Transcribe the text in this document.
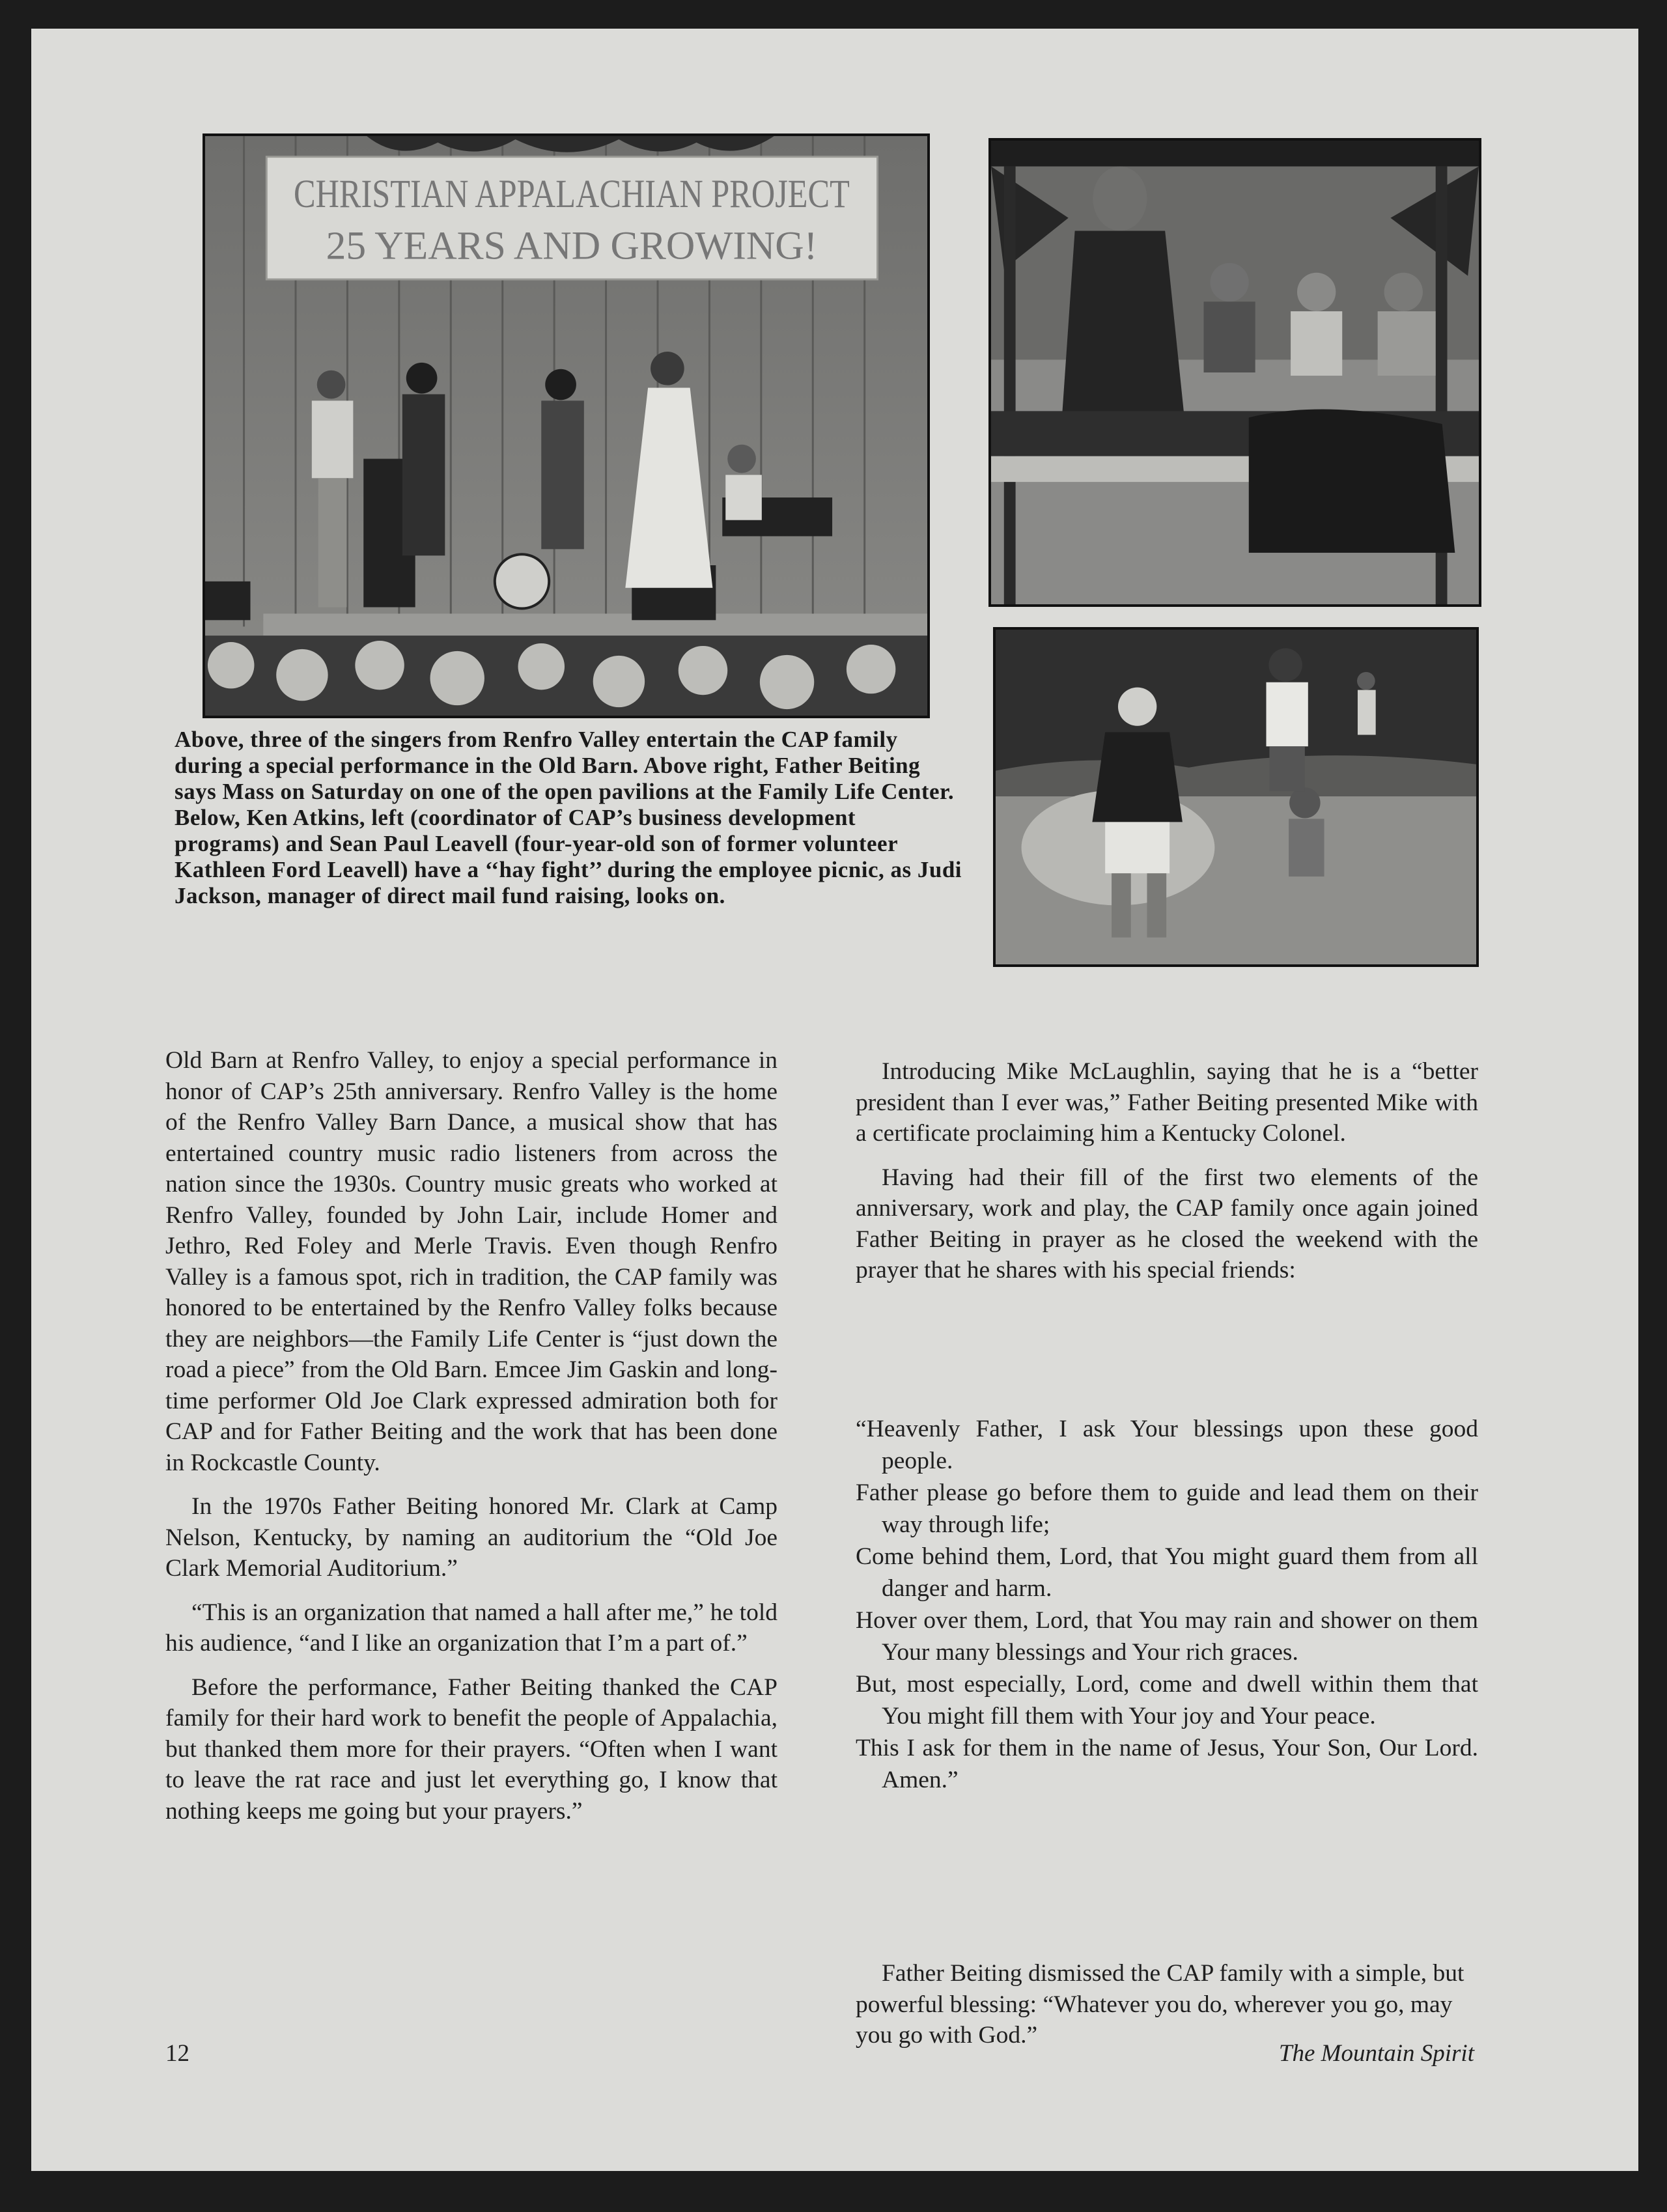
CHRISTIAN APPALACHIAN PROJECT
25 YEARS AND GROWING!

Above, three of the singers from Renfro Valley entertain the CAP family during a special performance in the Old Barn. Above right, Father Beiting says Mass on Saturday on one of the open pavilions at the Family Life Center. Below, Ken Atkins, left (coordinator of CAP’s business development programs) and Sean Paul Leavell (four-year-old son of former volunteer Kathleen Ford Leavell) have a ‘‘hay fight’’ during the employee picnic, as Judi Jackson, manager of direct mail fund raising, looks on.

Old Barn at Renfro Valley, to enjoy a special performance in honor of CAP’s 25th anniversary. Renfro Valley is the home of the Renfro Valley Barn Dance, a musical show that has entertained country music radio listeners from across the nation since the 1930s. Country music greats who worked at Renfro Valley, founded by John Lair, include Homer and Jethro, Red Foley and Merle Travis. Even though Renfro Valley is a famous spot, rich in tradition, the CAP family was honored to be entertained by the Renfro Valley folks because they are neighbors—the Family Life Center is “just down the road a piece” from the Old Barn. Emcee Jim Gaskin and long-time performer Old Joe Clark expressed admiration both for CAP and for Father Beiting and the work that has been done in Rockcastle County.

In the 1970s Father Beiting honored Mr. Clark at Camp Nelson, Kentucky, by naming an auditorium the “Old Joe Clark Memorial Auditorium.”

“This is an organization that named a hall after me,” he told his audience, “and I like an organization that I’m a part of.”

Before the performance, Father Beiting thanked the CAP family for their hard work to benefit the people of Appalachia, but thanked them more for their prayers. “Often when I want to leave the rat race and just let everything go, I know that nothing keeps me going but your prayers.”

Introducing Mike McLaughlin, saying that he is a “better president than I ever was,” Father Beiting presented Mike with a certificate proclaiming him a Kentucky Colonel.

Having had their fill of the first two elements of the anniversary, work and play, the CAP family once again joined Father Beiting in prayer as he closed the weekend with the prayer that he shares with his special friends:

“Heavenly Father, I ask Your blessings upon these good people.
Father please go before them to guide and lead them on their way through life;
Come behind them, Lord, that You might guard them from all danger and harm.
Hover over them, Lord, that You may rain and shower on them Your many blessings and Your rich graces.
But, most especially, Lord, come and dwell within them that You might fill them with Your joy and Your peace.
This I ask for them in the name of Jesus, Your Son, Our Lord. Amen.”

Father Beiting dismissed the CAP family with a simple, but powerful blessing: “Whatever you do, wherever you go, may you go with God.”

12	The Mountain Spirit
